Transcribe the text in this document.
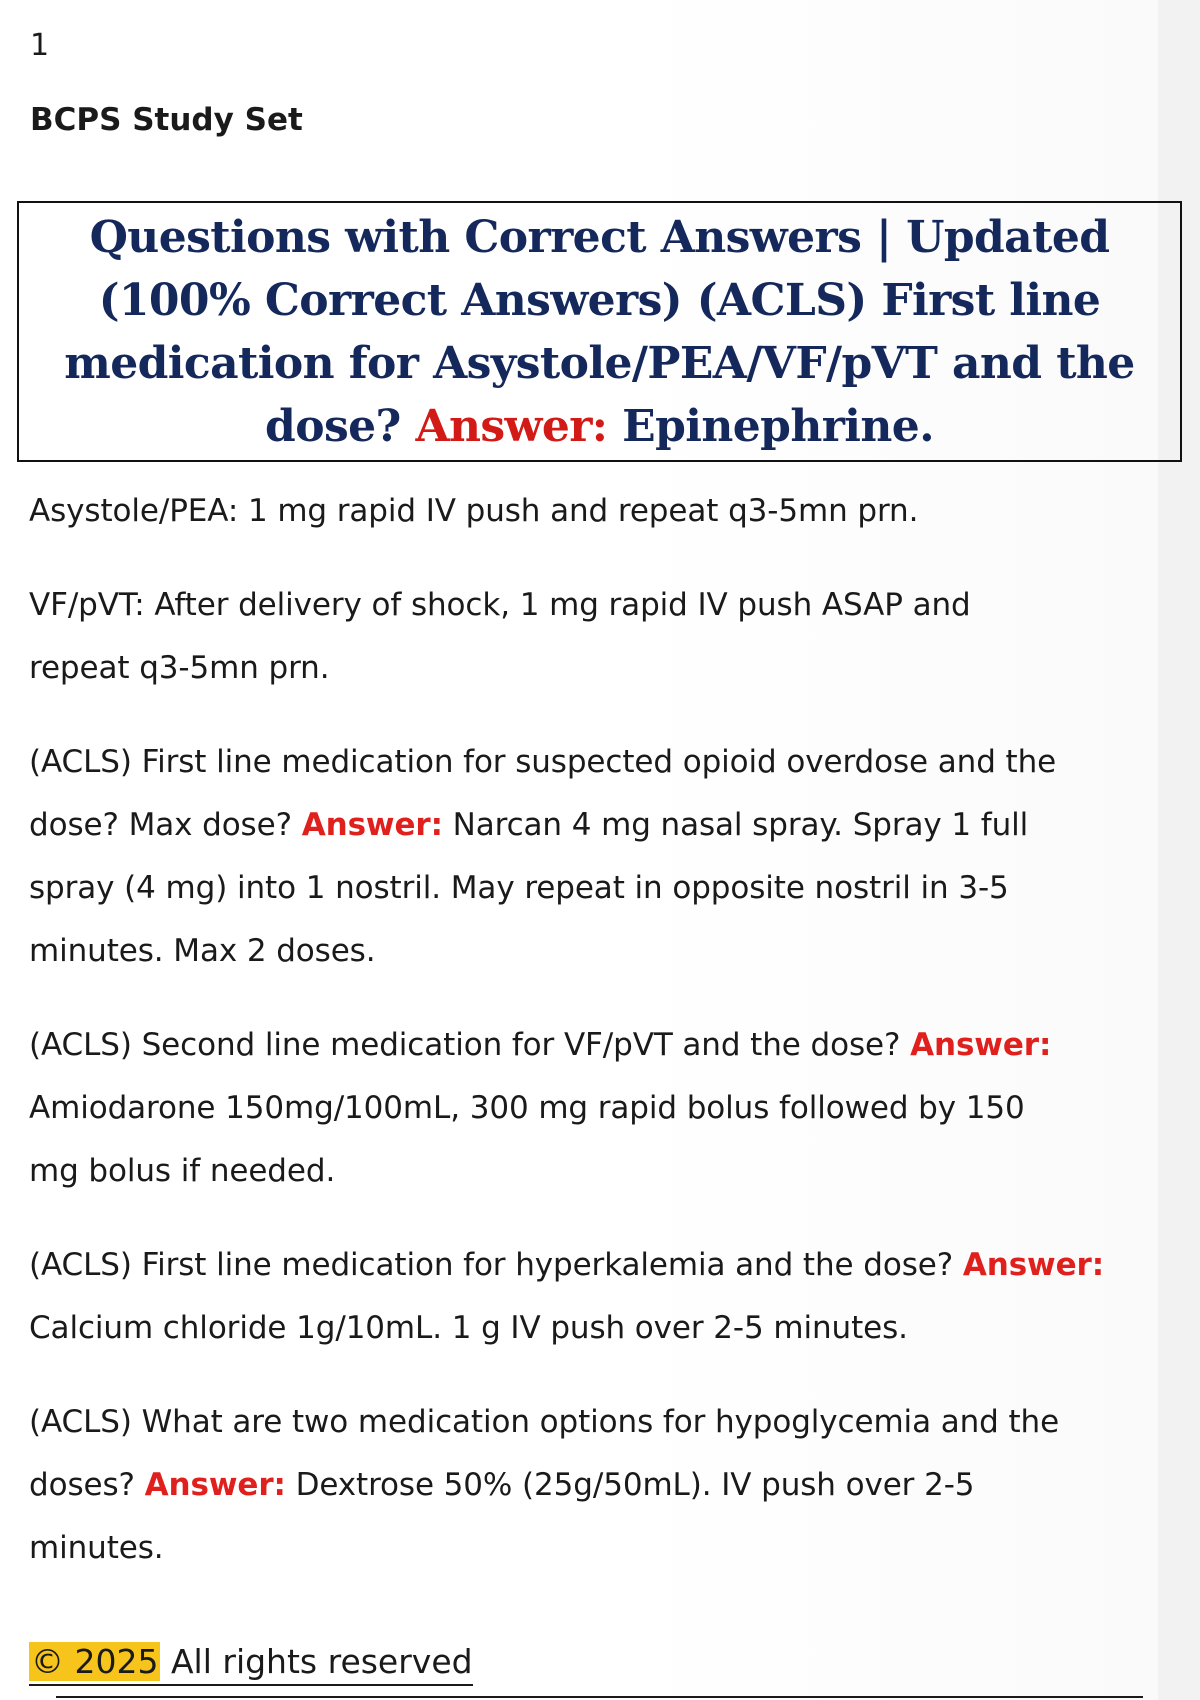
1
BCPS Study Set

Questions with Correct Answers | Updated
(100% Correct Answers) (ACLS) First line
medication for Asystole/PEA/VF/pVT and the
dose? Answer: Epinephrine.

Asystole/PEA: 1 mg rapid IV push and repeat q3-5mn prn.

VF/pVT: After delivery of shock, 1 mg rapid IV push ASAP and
repeat q3-5mn prn.

(ACLS) First line medication for suspected opioid overdose and the
dose? Max dose? Answer: Narcan 4 mg nasal spray. Spray 1 full
spray (4 mg) into 1 nostril. May repeat in opposite nostril in 3-5
minutes. Max 2 doses.

(ACLS) Second line medication for VF/pVT and the dose? Answer:
Amiodarone 150mg/100mL, 300 mg rapid bolus followed by 150
mg bolus if needed.

(ACLS) First line medication for hyperkalemia and the dose? Answer:
Calcium chloride 1g/10mL. 1 g IV push over 2-5 minutes.

(ACLS) What are two medication options for hypoglycemia and the
doses? Answer: Dextrose 50% (25g/50mL). IV push over 2-5
minutes.

© 2025 All rights reserved
